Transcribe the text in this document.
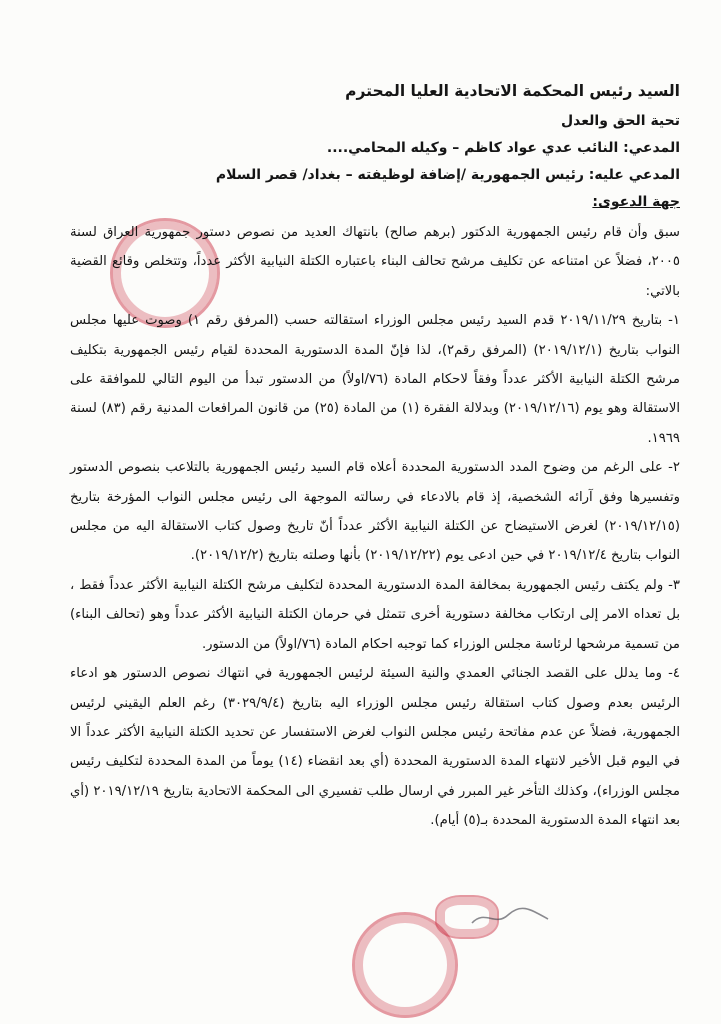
السيد رئيس المحكمة الاتحادية العليا المحترم
تحية الحق والعدل
المدعي: النائب عدي عواد كاظم – وكيله المحامي....
المدعي عليه: رئيس الجمهورية /إضافة لوظيفته – بغداد/ قصر السلام
جهة الدعوى:

سبق وأن قام رئيس الجمهورية الدكتور (برهم صالح) بانتهاك العديد من نصوص دستور جمهورية العراق لسنة ٢٠٠٥، فضلاً عن امتناعه عن تكليف مرشح تحالف البناء باعتباره الكتلة النيابية الأكثر عدداً، وتتخلص وقائع القضية بالاتي:

١- بتاريخ ٢٠١٩/١١/٢٩ قدم السيد رئيس مجلس الوزراء استقالته حسب (المرفق رقم ١) وصوت عليها مجلس النواب بتاريخ (٢٠١٩/١٢/١) (المرفق رقم٢)، لذا فإنّ المدة الدستورية المحددة لقيام رئيس الجمهورية بتكليف مرشح الكتلة النيابية الأكثر عدداً وفقاً لاحكام المادة (٧٦/اولاً) من الدستور تبدأ من اليوم التالي للموافقة على الاستقالة وهو يوم (٢٠١٩/١٢/١٦) وبدلالة الفقرة (١) من المادة (٢٥) من قانون المرافعات المدنية رقم (٨٣) لسنة ١٩٦٩.

٢- على الرغم من وضوح المدد الدستورية المحددة أعلاه قام السيد رئيس الجمهورية بالتلاعب بنصوص الدستور وتفسيرها وفق آرائه الشخصية، إذ قام بالادعاء في رسالته الموجهة الى رئيس مجلس النواب المؤرخة بتاريخ (٢٠١٩/١٢/١٥) لغرض الاستيضاح عن الكتلة النيابية الأكثر عدداً أنّ تاريخ وصول كتاب الاستقالة اليه من مجلس النواب بتاريخ ٢٠١٩/١٢/٤ في حين ادعى يوم (٢٠١٩/١٢/٢٢) بأنها وصلته بتاريخ (٢٠١٩/١٢/٢).

٣- ولم يكتف رئيس الجمهورية بمخالفة المدة الدستورية المحددة لتكليف مرشح الكتلة النيابية الأكثر عدداً فقط ، بل تعداه الامر إلى ارتكاب مخالفة دستورية أخرى تتمثل في حرمان الكتلة النيابية الأكثر عدداً وهو (تحالف البناء) من تسمية مرشحها لرئاسة مجلس الوزراء كما توجبه احكام المادة (٧٦/اولاً) من الدستور.

٤- وما يدلل على القصد الجنائي العمدي والنية السيئة لرئيس الجمهورية في انتهاك نصوص الدستور هو ادعاء الرئيس بعدم وصول كتاب استقالة رئيس مجلس الوزراء اليه بتاريخ (٣٠٢٩/٩/٤) رغم العلم اليقيني لرئيس الجمهورية، فضلاً عن عدم مفاتحة رئيس مجلس النواب لغرض الاستفسار عن تحديد الكتلة النيابية الأكثر عدداً الا في اليوم قبل الأخير لانتهاء المدة الدستورية المحددة (أي بعد انقضاء (١٤) يوماً من المدة المحددة لتكليف رئيس مجلس الوزراء)، وكذلك التأخر غير المبرر في ارسال طلب تفسيري الى المحكمة الاتحادية بتاريخ ٢٠١٩/١٢/١٩ (أي بعد انتهاء المدة الدستورية المحددة بـ(٥) أيام).
